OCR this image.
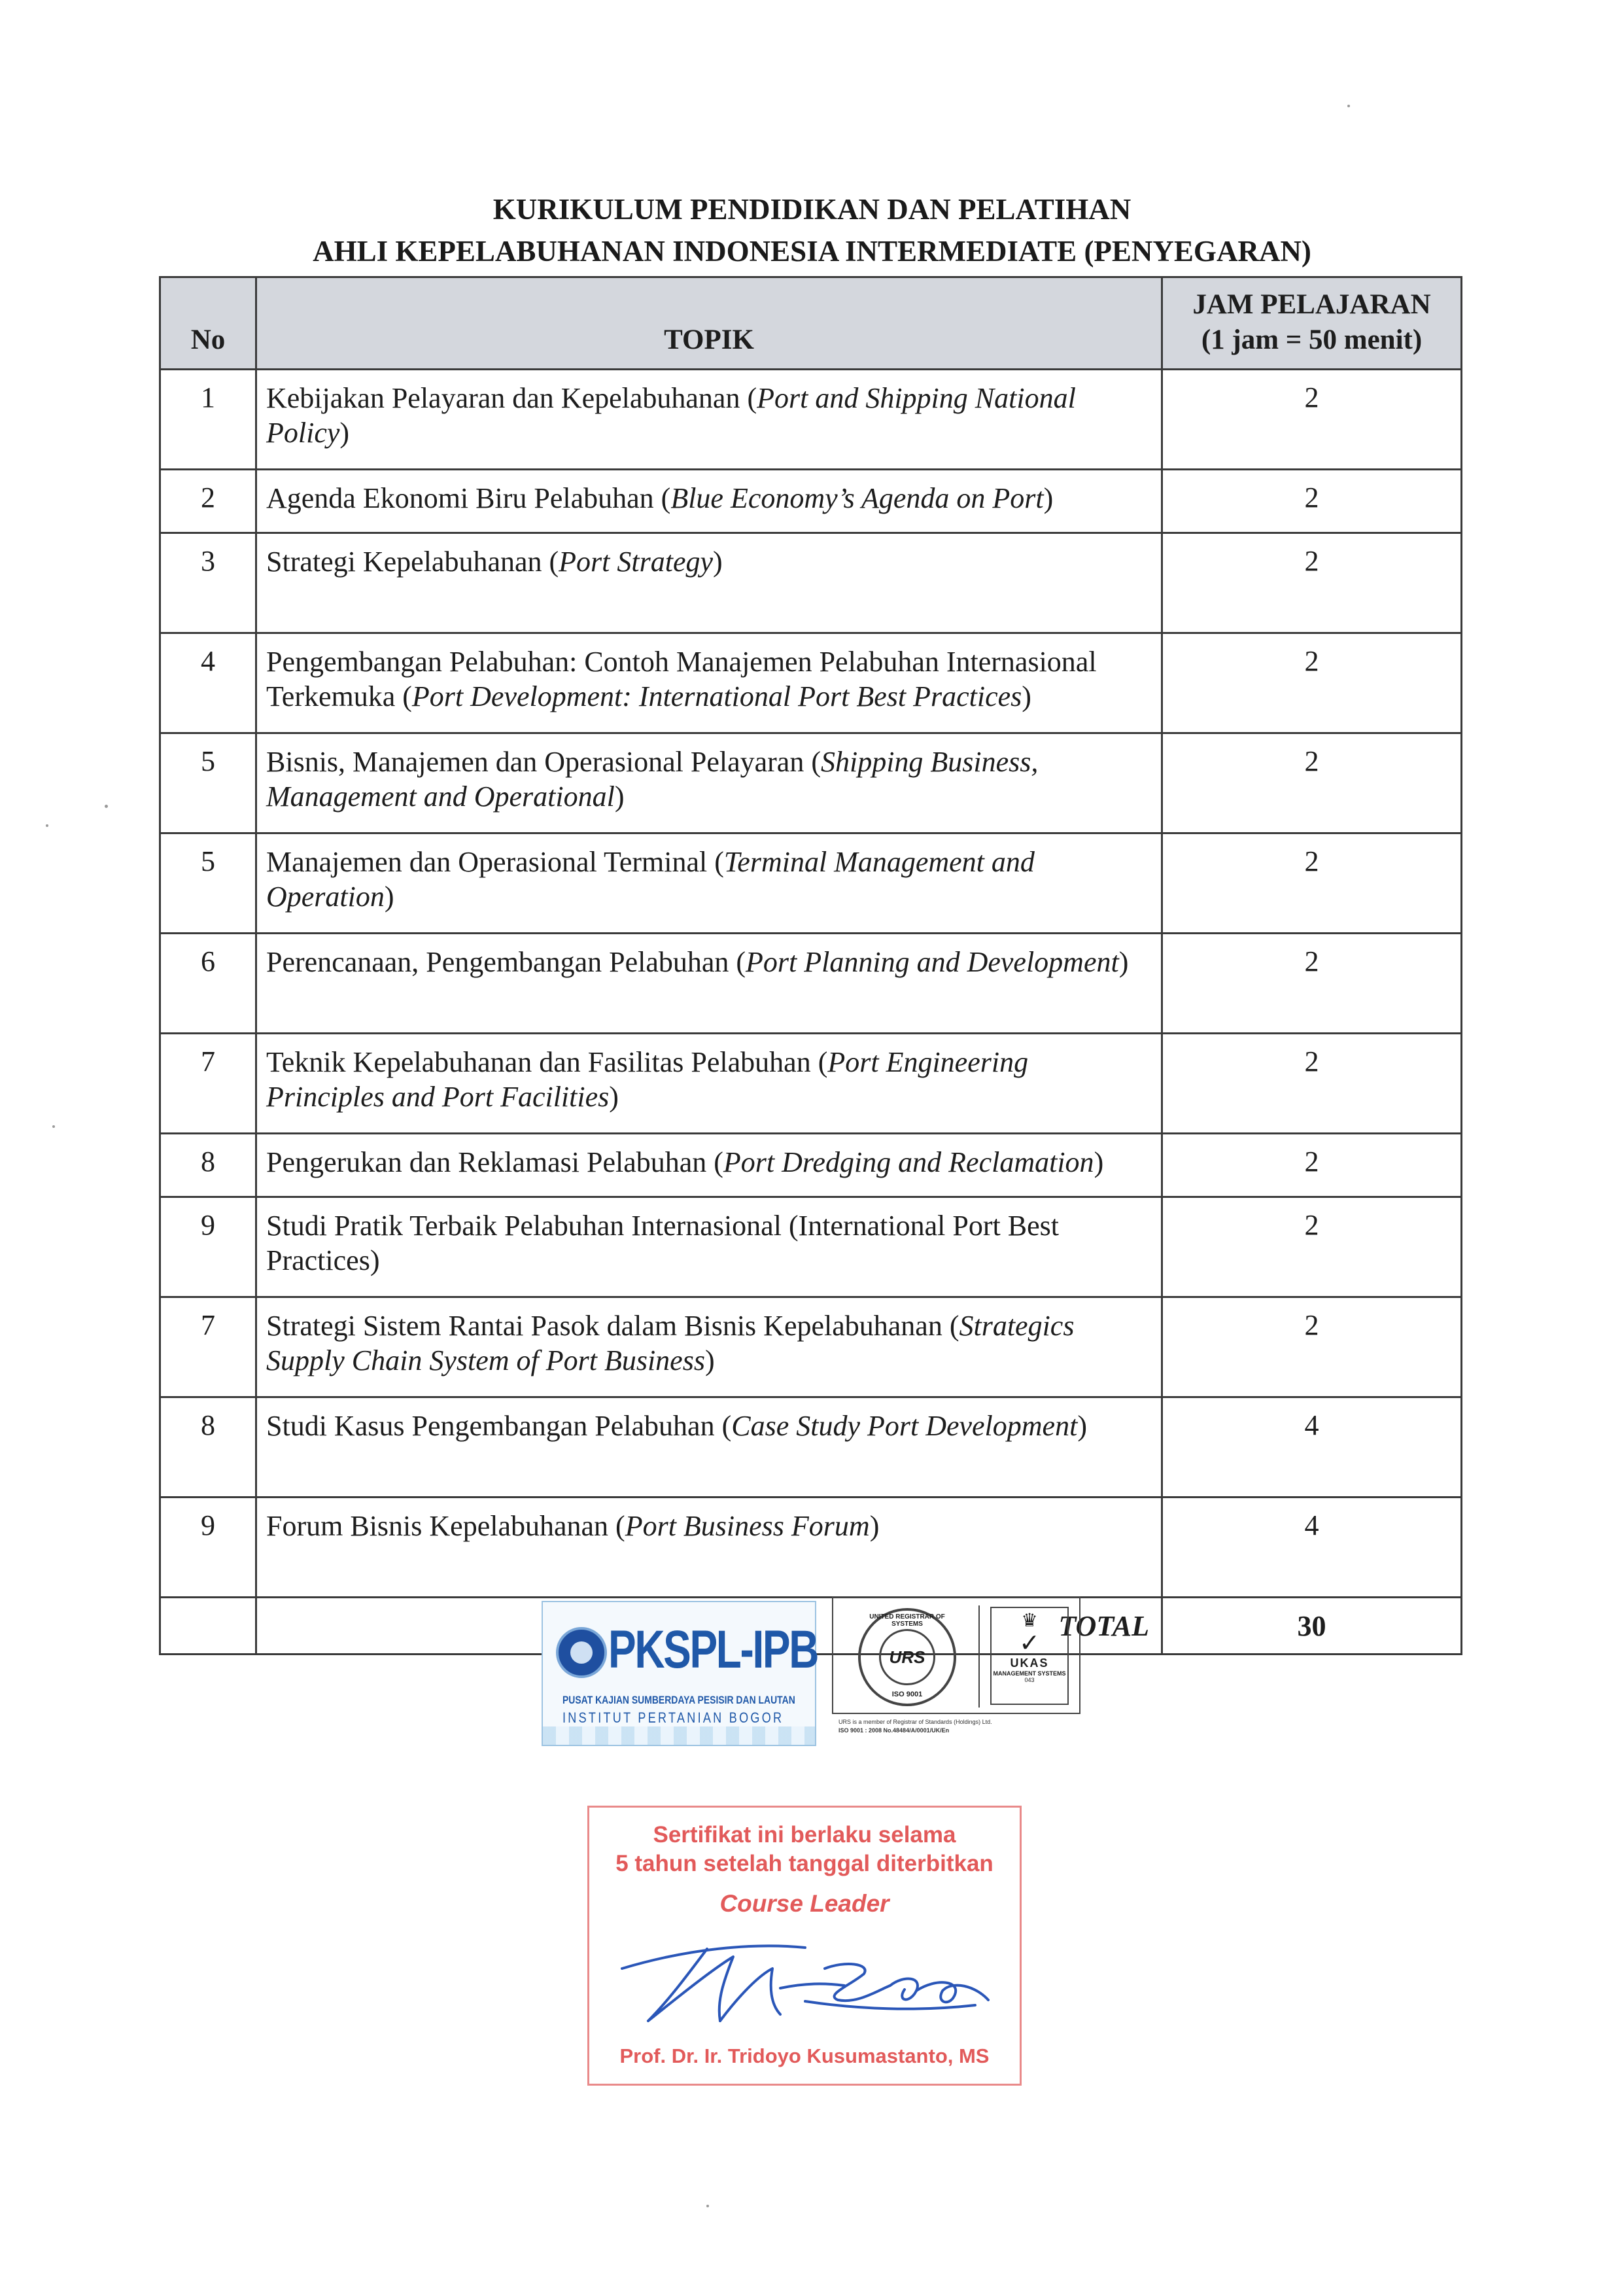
KURIKULUM PENDIDIKAN DAN PELATIHAN
AHLI KEPELABUHANAN INDONESIA INTERMEDIATE (PENYEGARAN)
No	TOPIK	JAM PELAJARAN
(1 jam = 50 menit)

1	Kebijakan Pelayaran dan Kepelabuhanan (Port and Shipping National Policy)	2
2	Agenda Ekonomi Biru Pelabuhan (Blue Economy’s Agenda on Port)	2
3	Strategi Kepelabuhanan (Port Strategy)	2
4	Pengembangan Pelabuhan: Contoh Manajemen Pelabuhan Internasional Terkemuka (Port Development: International Port Best Practices)	2
5	Bisnis, Manajemen dan Operasional Pelayaran (Shipping Business, Management and Operational)	2
5	Manajemen dan Operasional Terminal (Terminal Management and Operation)	2
6	Perencanaan, Pengembangan Pelabuhan (Port Planning and Development)	2
7	Teknik Kepelabuhanan dan Fasilitas Pelabuhan (Port Engineering Principles and Port Facilities)	2
8	Pengerukan dan Reklamasi Pelabuhan (Port Dredging and Reclamation)	2
9	Studi Pratik Terbaik Pelabuhan Internasional (International Port Best Practices)	2
7	Strategi Sistem Rantai Pasok dalam Bisnis Kepelabuhanan (Strategics Supply Chain System of Port Business)	2
8	Studi Kasus Pengembangan Pelabuhan (Case Study Port Development)	4
9	Forum Bisnis Kepelabuhanan (Port Business Forum)	4
	TOTAL	30
PKSPL-IPB
PUSAT KAJIAN SUMBERDAYA PESISIR DAN LAUTAN
INSTITUT PERTANIAN BOGOR
UNITED REGISTRAR OF SYSTEMS
URS
ISO 9001
♛
✓
UKAS
MANAGEMENT SYSTEMS
043
URS is a member of Registrar of Standards (Holdings) Ltd.
ISO 9001 : 2008 No.48484/A/0001/UK/En
Sertifikat ini berlaku selama
5 tahun setelah tanggal diterbitkan
Course Leader
Prof. Dr. Ir. Tridoyo Kusumastanto, MS
